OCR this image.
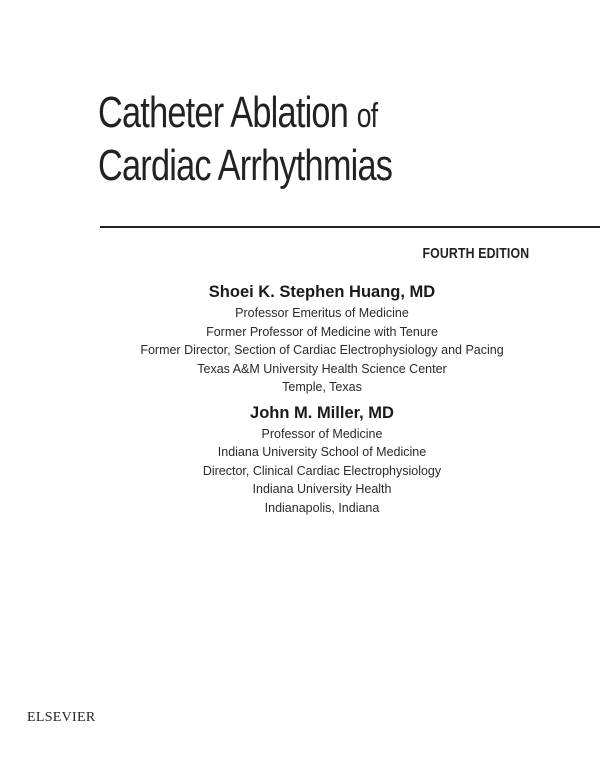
Catheter Ablation of
Cardiac Arrhythmias
FOURTH EDITION
Shoei K. Stephen Huang, MD
Professor Emeritus of Medicine
Former Professor of Medicine with Tenure
Former Director, Section of Cardiac Electrophysiology and Pacing
Texas A&M University Health Science Center
Temple, Texas
John M. Miller, MD
Professor of Medicine
Indiana University School of Medicine
Director, Clinical Cardiac Electrophysiology
Indiana University Health
Indianapolis, Indiana
ELSEVIER
